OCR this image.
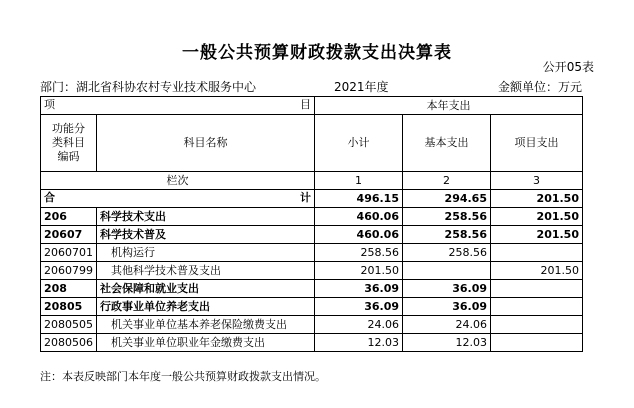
一般公共预算财政拨款支出决算表
公开05表
部门：湖北省科协农村专业技术服务中心	2021年度	金额单位：万元
项 目		本年支出		
功能分类科目编码	科目名称	小计	基本支出	项目支出
栏次		1	2	3

合 计		496.15	294.65	201.50
206	科学技术支出	460.06	258.56	201.50
20607	科学技术普及	460.06	258.56	201.50
2060701	机构运行	258.56	258.56	
2060799	其他科学技术普及支出	201.50		201.50
208	社会保障和就业支出	36.09	36.09	
20805	行政事业单位养老支出	36.09	36.09	
2080505	机关事业单位基本养老保险缴费支出	24.06	24.06	
2080506	机关事业单位职业年金缴费支出	12.03	12.03	
注：本表反映部门本年度一般公共预算财政拨款支出情况。
